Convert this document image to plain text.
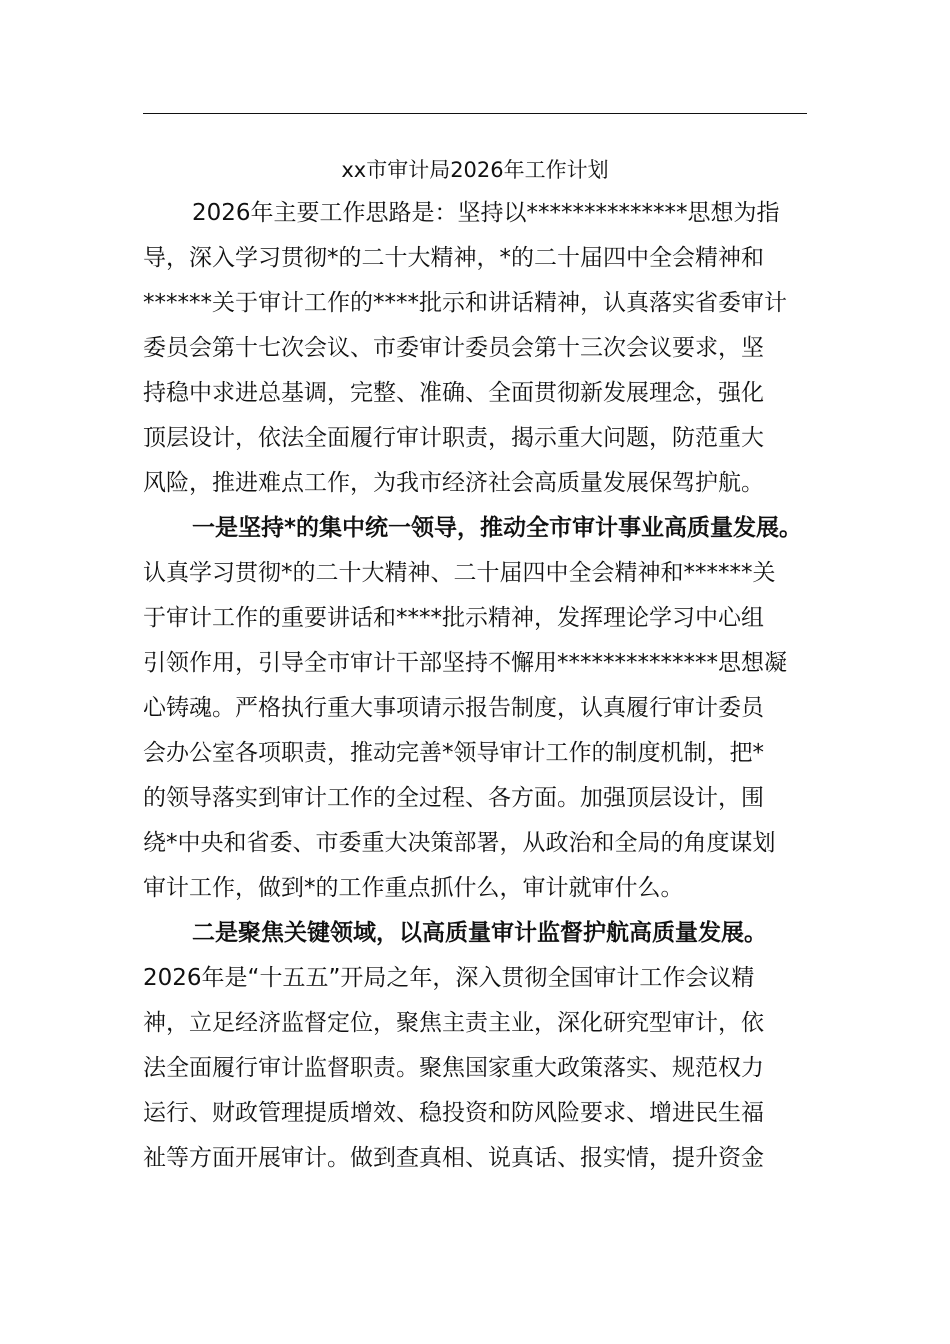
xx市审计局2026年工作计划

2026年主要工作思路是：坚持以**************思想为指

导，深入学习贯彻*的二十大精神，*的二十届四中全会精神和

******关于审计工作的****批示和讲话精神，认真落实省委审计

委员会第十七次会议、市委审计委员会第十三次会议要求，坚

持稳中求进总基调，完整、准确、全面贯彻新发展理念，强化

顶层设计，依法全面履行审计职责，揭示重大问题，防范重大

风险，推进难点工作，为我市经济社会高质量发展保驾护航。

一是坚持*的集中统一领导，推动全市审计事业高质量发展。

认真学习贯彻*的二十大精神、二十届四中全会精神和******关

于审计工作的重要讲话和****批示精神，发挥理论学习中心组

引领作用，引导全市审计干部坚持不懈用**************思想凝

心铸魂。严格执行重大事项请示报告制度，认真履行审计委员

会办公室各项职责，推动完善*领导审计工作的制度机制，把*

的领导落实到审计工作的全过程、各方面。加强顶层设计，围

绕*中央和省委、市委重大决策部署，从政治和全局的角度谋划

审计工作，做到*的工作重点抓什么，审计就审什么。

二是聚焦关键领域，以高质量审计监督护航高质量发展。

2026年是“十五五”开局之年，深入贯彻全国审计工作会议精

神，立足经济监督定位，聚焦主责主业，深化研究型审计，依

法全面履行审计监督职责。聚焦国家重大政策落实、规范权力

运行、财政管理提质增效、稳投资和防风险要求、增进民生福

祉等方面开展审计。做到查真相、说真话、报实情，提升资金
